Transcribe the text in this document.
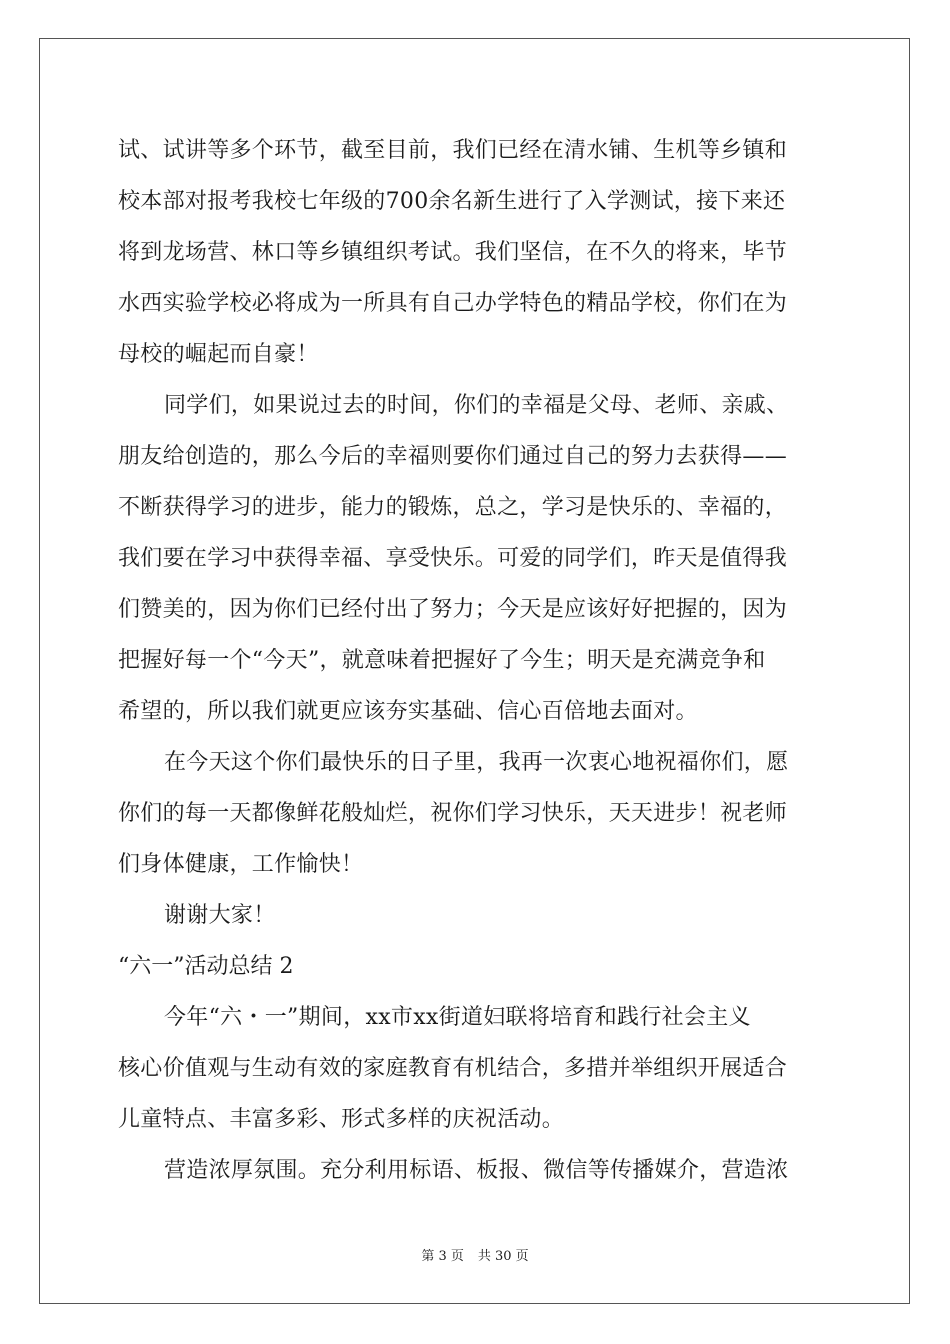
试、试讲等多个环节，截至目前，我们已经在清水铺、生机等乡镇和
校本部对报考我校七年级的700余名新生进行了入学测试，接下来还
将到龙场营、林口等乡镇组织考试。我们坚信，在不久的将来，毕节
水西实验学校必将成为一所具有自己办学特色的精品学校，你们在为
母校的崛起而自豪！
同学们，如果说过去的时间，你们的幸福是父母、老师、亲戚、
朋友给创造的，那么今后的幸福则要你们通过自己的努力去获得——
不断获得学习的进步，能力的锻炼，总之，学习是快乐的、幸福的，
我们要在学习中获得幸福、享受快乐。可爱的同学们，昨天是值得我
们赞美的，因为你们已经付出了努力；今天是应该好好把握的，因为
把握好每一个“今天”，就意味着把握好了今生；明天是充满竞争和
希望的，所以我们就更应该夯实基础、信心百倍地去面对。
在今天这个你们最快乐的日子里，我再一次衷心地祝福你们，愿
你们的每一天都像鲜花般灿烂，祝你们学习快乐，天天进步！祝老师
们身体健康，工作愉快！
谢谢大家！
“六一”活动总结 2
今年“六・一”期间，xx市xx街道妇联将培育和践行社会主义
核心价值观与生动有效的家庭教育有机结合，多措并举组织开展适合
儿童特点、丰富多彩、形式多样的庆祝活动。
营造浓厚氛围。充分利用标语、板报、微信等传播媒介，营造浓
第 3 页 共 30 页
